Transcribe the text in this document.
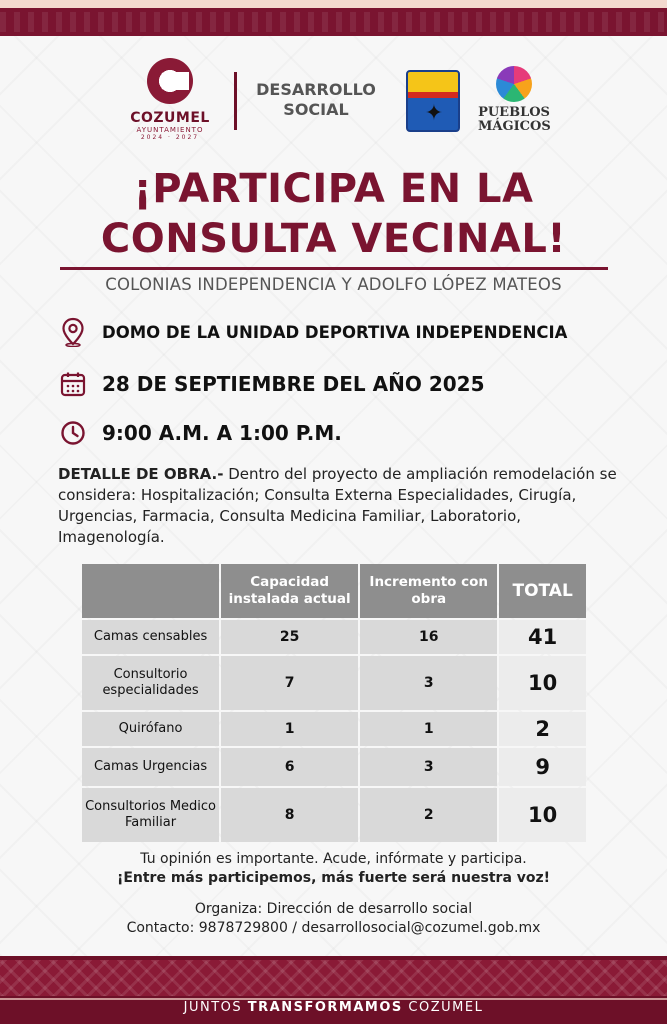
COZUMEL
AYUNTAMIENTO
2024 · 2027
DESARROLLO
SOCIAL	✦	PUEBLOS
MÁGICOS
¡PARTICIPA EN LA
CONSULTA VECINAL!
COLONIAS INDEPENDENCIA Y ADOLFO LÓPEZ MATEOS
DOMO DE LA UNIDAD DEPORTIVA INDEPENDENCIA
28 DE SEPTIEMBRE DEL AÑO 2025
9:00 A.M. A 1:00 P.M.

DETALLE DE OBRA.- Dentro del proyecto de ampliación remodelación se considera: Hospitalización; Consulta Externa Especialidades, Cirugía, Urgencias, Farmacia, Consulta Medicina Familiar, Laboratorio, Imagenología.

	Capacidad instalada actual	Incremento con obra	TOTAL
Camas censables	25	16	41
Consultorio especialidades	7	3	10
Quirófano	1	1	2
Camas Urgencias	6	3	9
Consultorios Medico Familiar	8	2	10
Tu opinión es importante. Acude, infórmate y participa.
¡Entre más participemos, más fuerte será nuestra voz!
Organiza: Dirección de desarrollo social
Contacto: 9878729800 / desarrollosocial@cozumel.gob.mx
JUNTOS TRANSFORMAMOS COZUMEL
